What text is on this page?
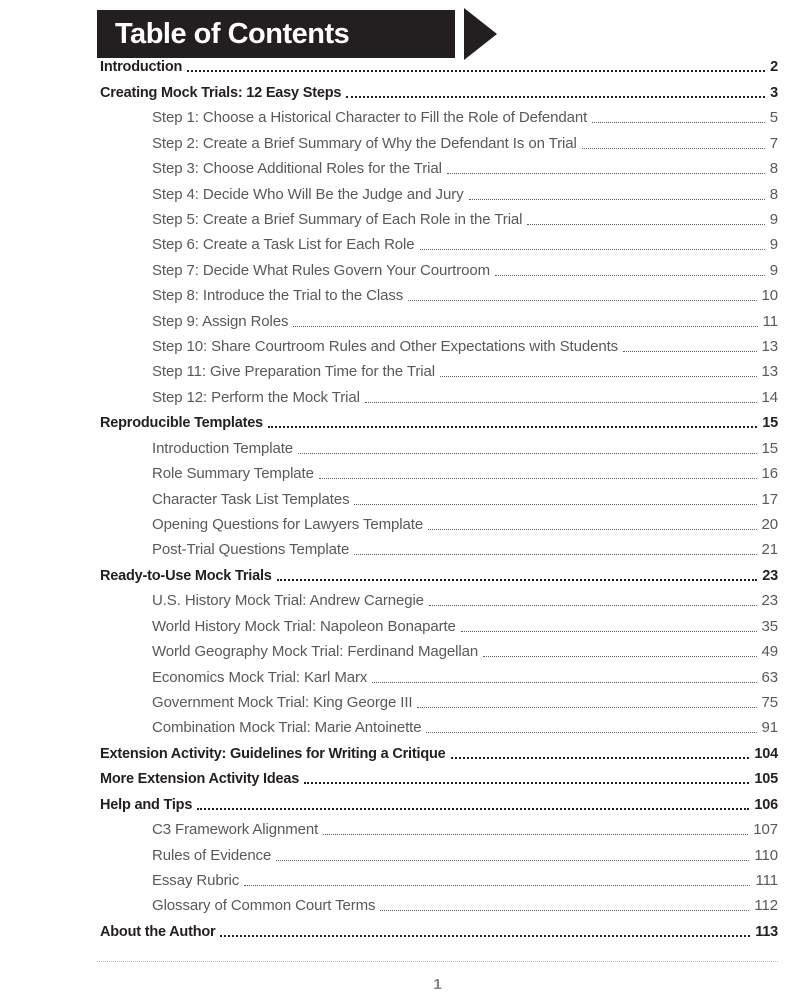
Table of Contents
Introduction	2
Creating Mock Trials: 12 Easy Steps	3
Step 1: Choose a Historical Character to Fill the Role of Defendant	5
Step 2: Create a Brief Summary of Why the Defendant Is on Trial	7
Step 3: Choose Additional Roles for the Trial	8
Step 4: Decide Who Will Be the Judge and Jury	8
Step 5: Create a Brief Summary of Each Role in the Trial	9
Step 6: Create a Task List for Each Role	9
Step 7: Decide What Rules Govern Your Courtroom	9
Step 8: Introduce the Trial to the Class	10
Step 9: Assign Roles	11
Step 10: Share Courtroom Rules and Other Expectations with Students	13
Step 11: Give Preparation Time for the Trial	13
Step 12: Perform the Mock Trial	14
Reproducible Templates	15
Introduction Template	15
Role Summary Template	16
Character Task List Templates	17
Opening Questions for Lawyers Template	20
Post-Trial Questions Template	21
Ready-to-Use Mock Trials	23
U.S. History Mock Trial: Andrew Carnegie	23
World History Mock Trial: Napoleon Bonaparte	35
World Geography Mock Trial: Ferdinand Magellan	49
Economics Mock Trial: Karl Marx	63
Government Mock Trial: King George III	75
Combination Mock Trial: Marie Antoinette	91
Extension Activity: Guidelines for Writing a Critique	104
More Extension Activity Ideas	105
Help and Tips	106
C3 Framework Alignment	107
Rules of Evidence	110
Essay Rubric	111
Glossary of Common Court Terms	112
About the Author	113
1
